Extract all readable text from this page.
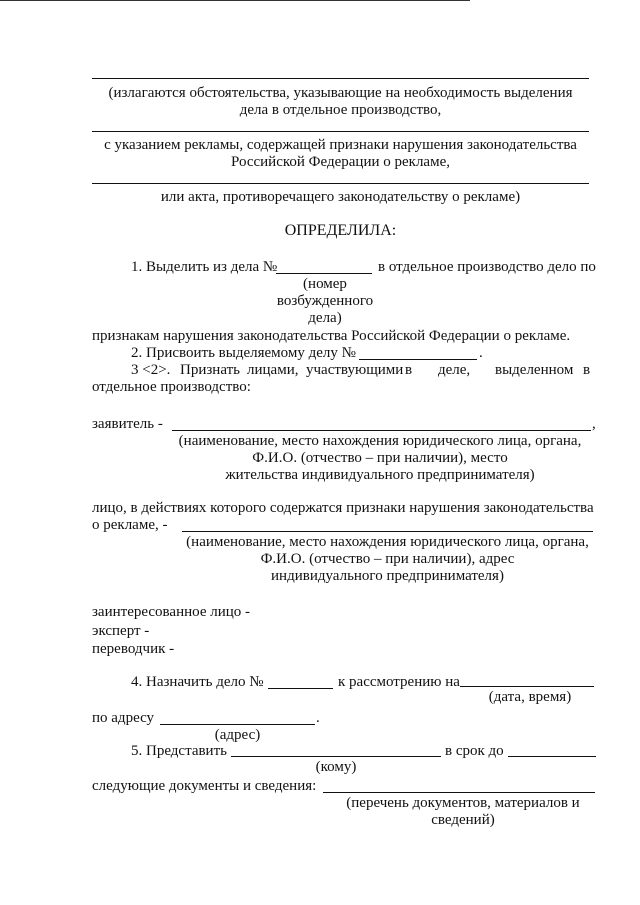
(излагаются обстоятельства, указывающие на необходимость выделения
дела в отдельное производство,
с указанием рекламы, содержащей признаки нарушения законодательства
Российской Федерации о рекламе,
или акта, противоречащего законодательству о рекламе)
ОПРЕДЕЛИЛА:
1. Выделить из дела №	в отдельное производство дело по
(номер
возбужденного
дела)
признакам нарушения законодательства Российской Федерации о рекламе.
2. Присвоить выделяемому делу №	.
3 <2>. Признать лицами, участвующими в деле, выделенном в
отдельное производство:
заявитель -	,
(наименование, место нахождения юридического лица, органа,
Ф.И.О. (отчество – при наличии), место
жительства индивидуального предпринимателя)
лицо, в действиях которого содержатся признаки нарушения законодательства
о рекламе, -
(наименование, место нахождения юридического лица, органа,
Ф.И.О. (отчество – при наличии), адрес
индивидуального предпринимателя)
заинтересованное лицо -
эксперт -
переводчик -
4. Назначить дело №	к рассмотрению на
(дата, время)
по адресу	.
(адрес)
5. Представить	в срок до
(кому)
следующие документы и сведения:
(перечень документов, материалов и
сведений)
